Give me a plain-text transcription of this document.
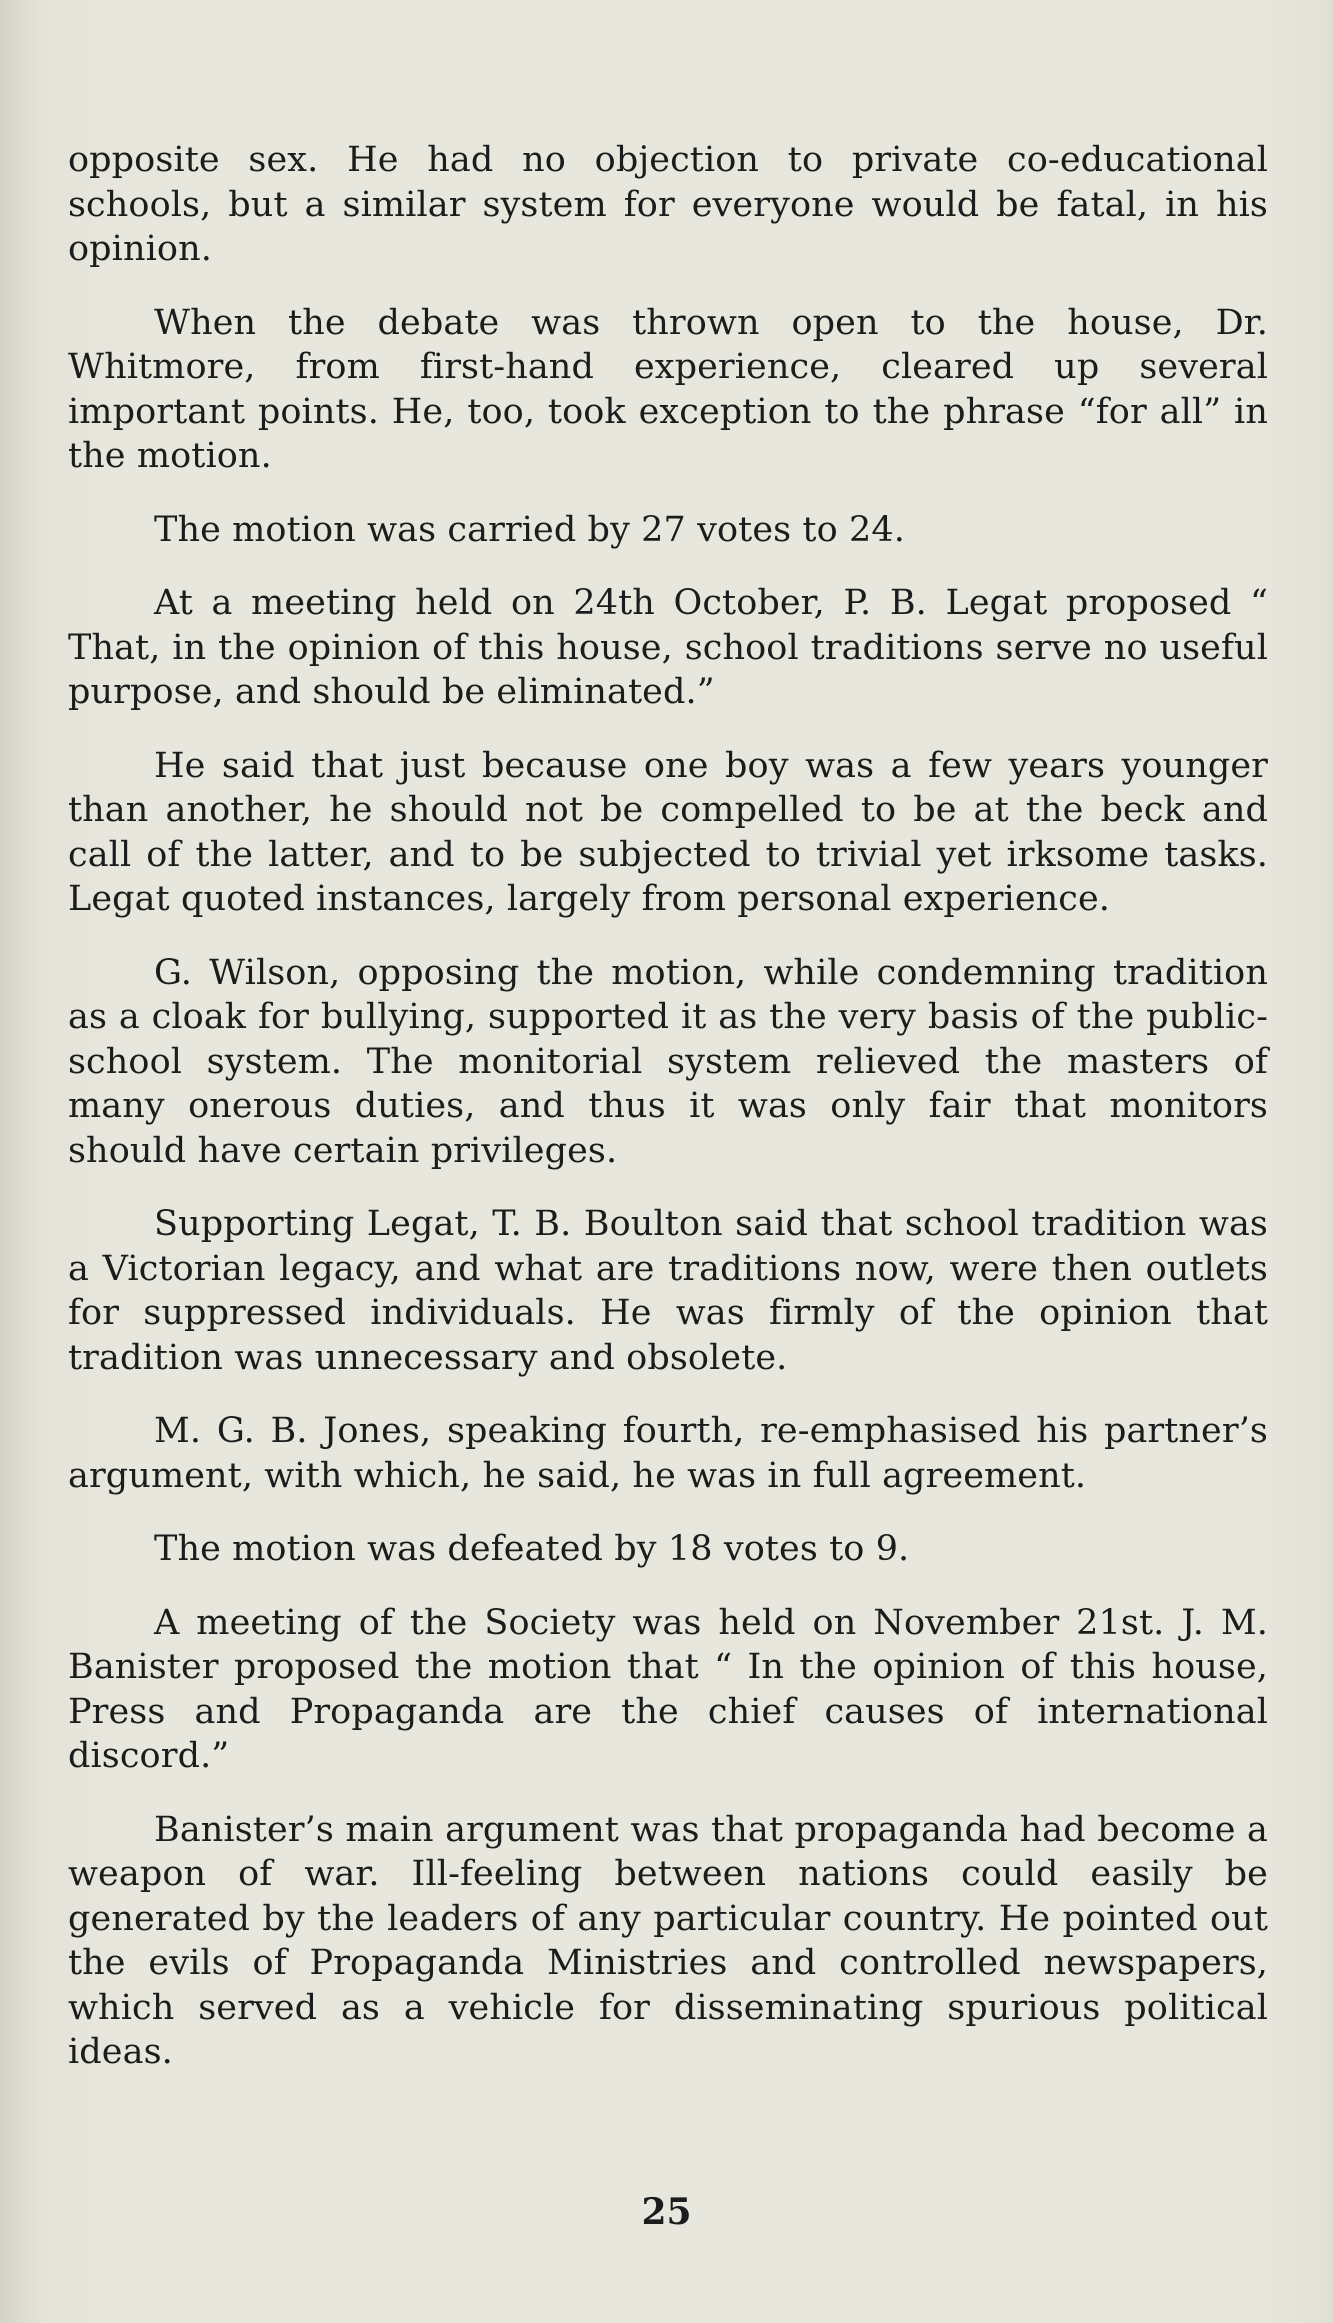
opposite sex. He had no objection to private co-educational schools, but a similar system for everyone would be fatal, in his opinion.

When the debate was thrown open to the house, Dr. Whitmore, from first-hand experience, cleared up several important points. He, too, took exception to the phrase “for all” in the motion.

The motion was carried by 27 votes to 24.

At a meeting held on 24th October, P. B. Legat proposed “ That, in the opinion of this house, school traditions serve no useful purpose, and should be eliminated.”

He said that just because one boy was a few years younger than another, he should not be compelled to be at the beck and call of the latter, and to be subjected to trivial yet irksome tasks. Legat quoted instances, largely from personal experience.

G. Wilson, opposing the motion, while condemning tradition as a cloak for bullying, supported it as the very basis of the public-school system. The monitorial system relieved the masters of many onerous duties, and thus it was only fair that monitors should have certain privileges.

Supporting Legat, T. B. Boulton said that school tradition was a Victorian legacy, and what are traditions now, were then outlets for suppressed individuals. He was firmly of the opinion that tradition was unnecessary and obsolete.

M. G. B. Jones, speaking fourth, re-emphasised his partner’s argument, with which, he said, he was in full agreement.

The motion was defeated by 18 votes to 9.

A meeting of the Society was held on November 21st. J. M. Banister proposed the motion that “ In the opinion of this house, Press and Propaganda are the chief causes of international discord.”

Banister’s main argument was that propaganda had become a weapon of war. Ill-feeling between nations could easily be generated by the leaders of any particular country. He pointed out the evils of Propaganda Ministries and controlled newspapers, which served as a vehicle for disseminating spurious political ideas.

25
